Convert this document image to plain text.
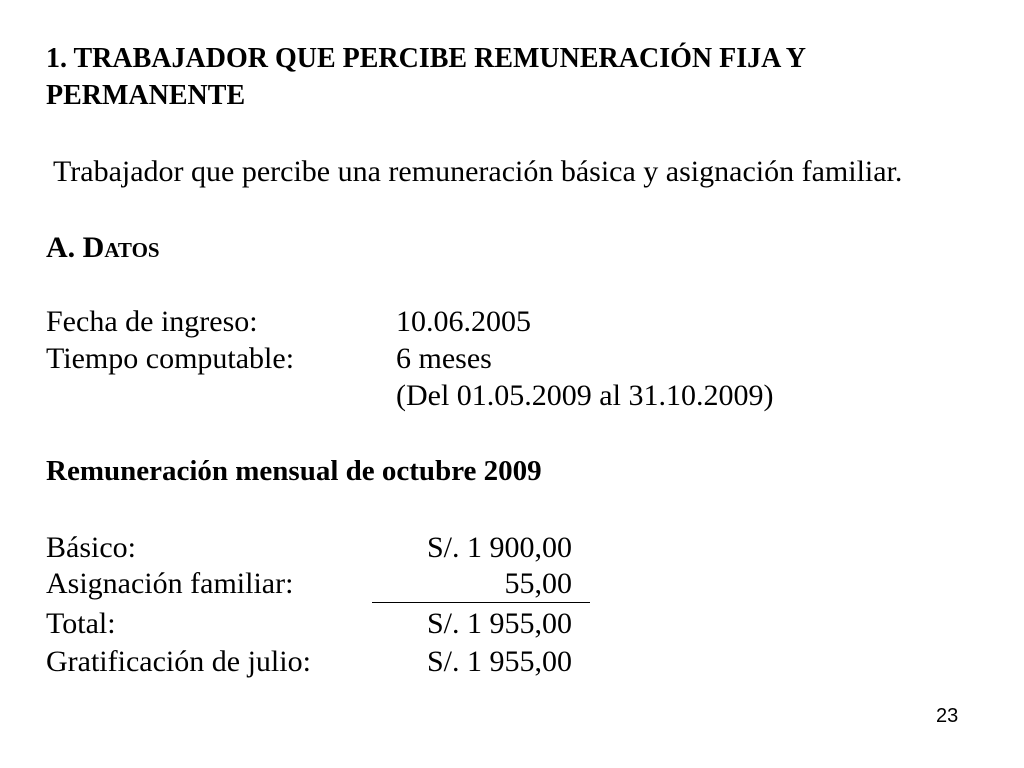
1. TRABAJADOR QUE PERCIBE REMUNERACIÓN FIJA Y PERMANENTE
Trabajador que percibe una remuneración básica y asignación familiar.
A. Datos
Fecha de ingreso:	10.06.2005
Tiempo computable:	6 meses
(Del 01.05.2009 al 31.10.2009)
Remuneración mensual de octubre 2009
Básico:	S/. 1 900,00
Asignación familiar:	55,00
Total:	S/. 1 955,00
Gratificación de julio:	S/. 1 955,00
23
